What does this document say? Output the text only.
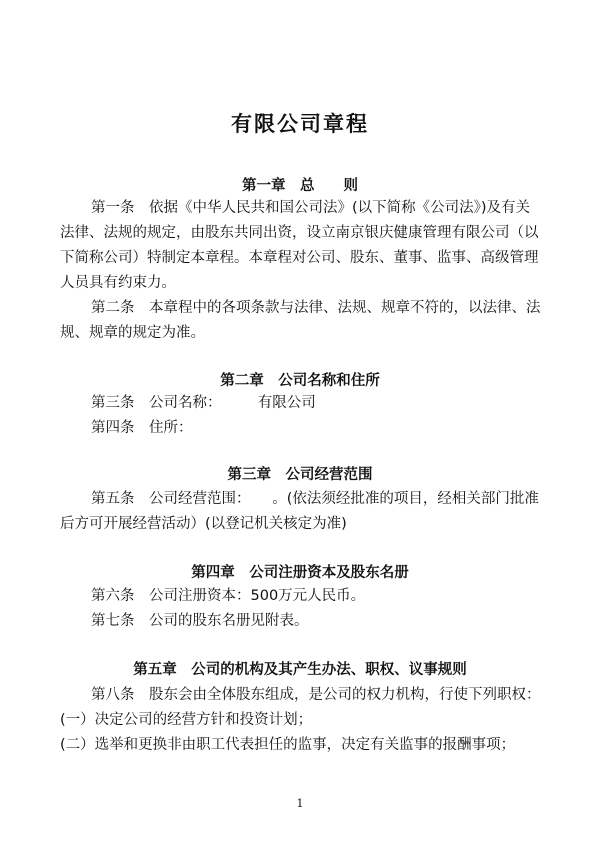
有限公司章程
第一章　总　　则
第一条　依据《中华人民共和国公司法》(以下简称《公司法》)及有关
法律、法规的规定，由股东共同出资，设立南京银庆健康管理有限公司（以
下简称公司）特制定本章程。本章程对公司、股东、董事、监事、高级管理
人员具有约束力。
第二条　本章程中的各项条款与法律、法规、规章不符的，以法律、法
规、规章的规定为准。
第二章　公司名称和住所
第三条　公司名称：　　　有限公司
第四条　住所：
第三章　公司经营范围
第五条　公司经营范围：　　。(依法须经批准的项目，经相关部门批准
后方可开展经营活动）(以登记机关核定为准)
第四章　公司注册资本及股东名册
第六条　公司注册资本：500万元人民币。
第七条　公司的股东名册见附表。
第五章　公司的机构及其产生办法、职权、议事规则
第八条　股东会由全体股东组成，是公司的权力机构，行使下列职权：
(一）决定公司的经营方针和投资计划；
(二）选举和更换非由职工代表担任的监事，决定有关监事的报酬事项；
1
